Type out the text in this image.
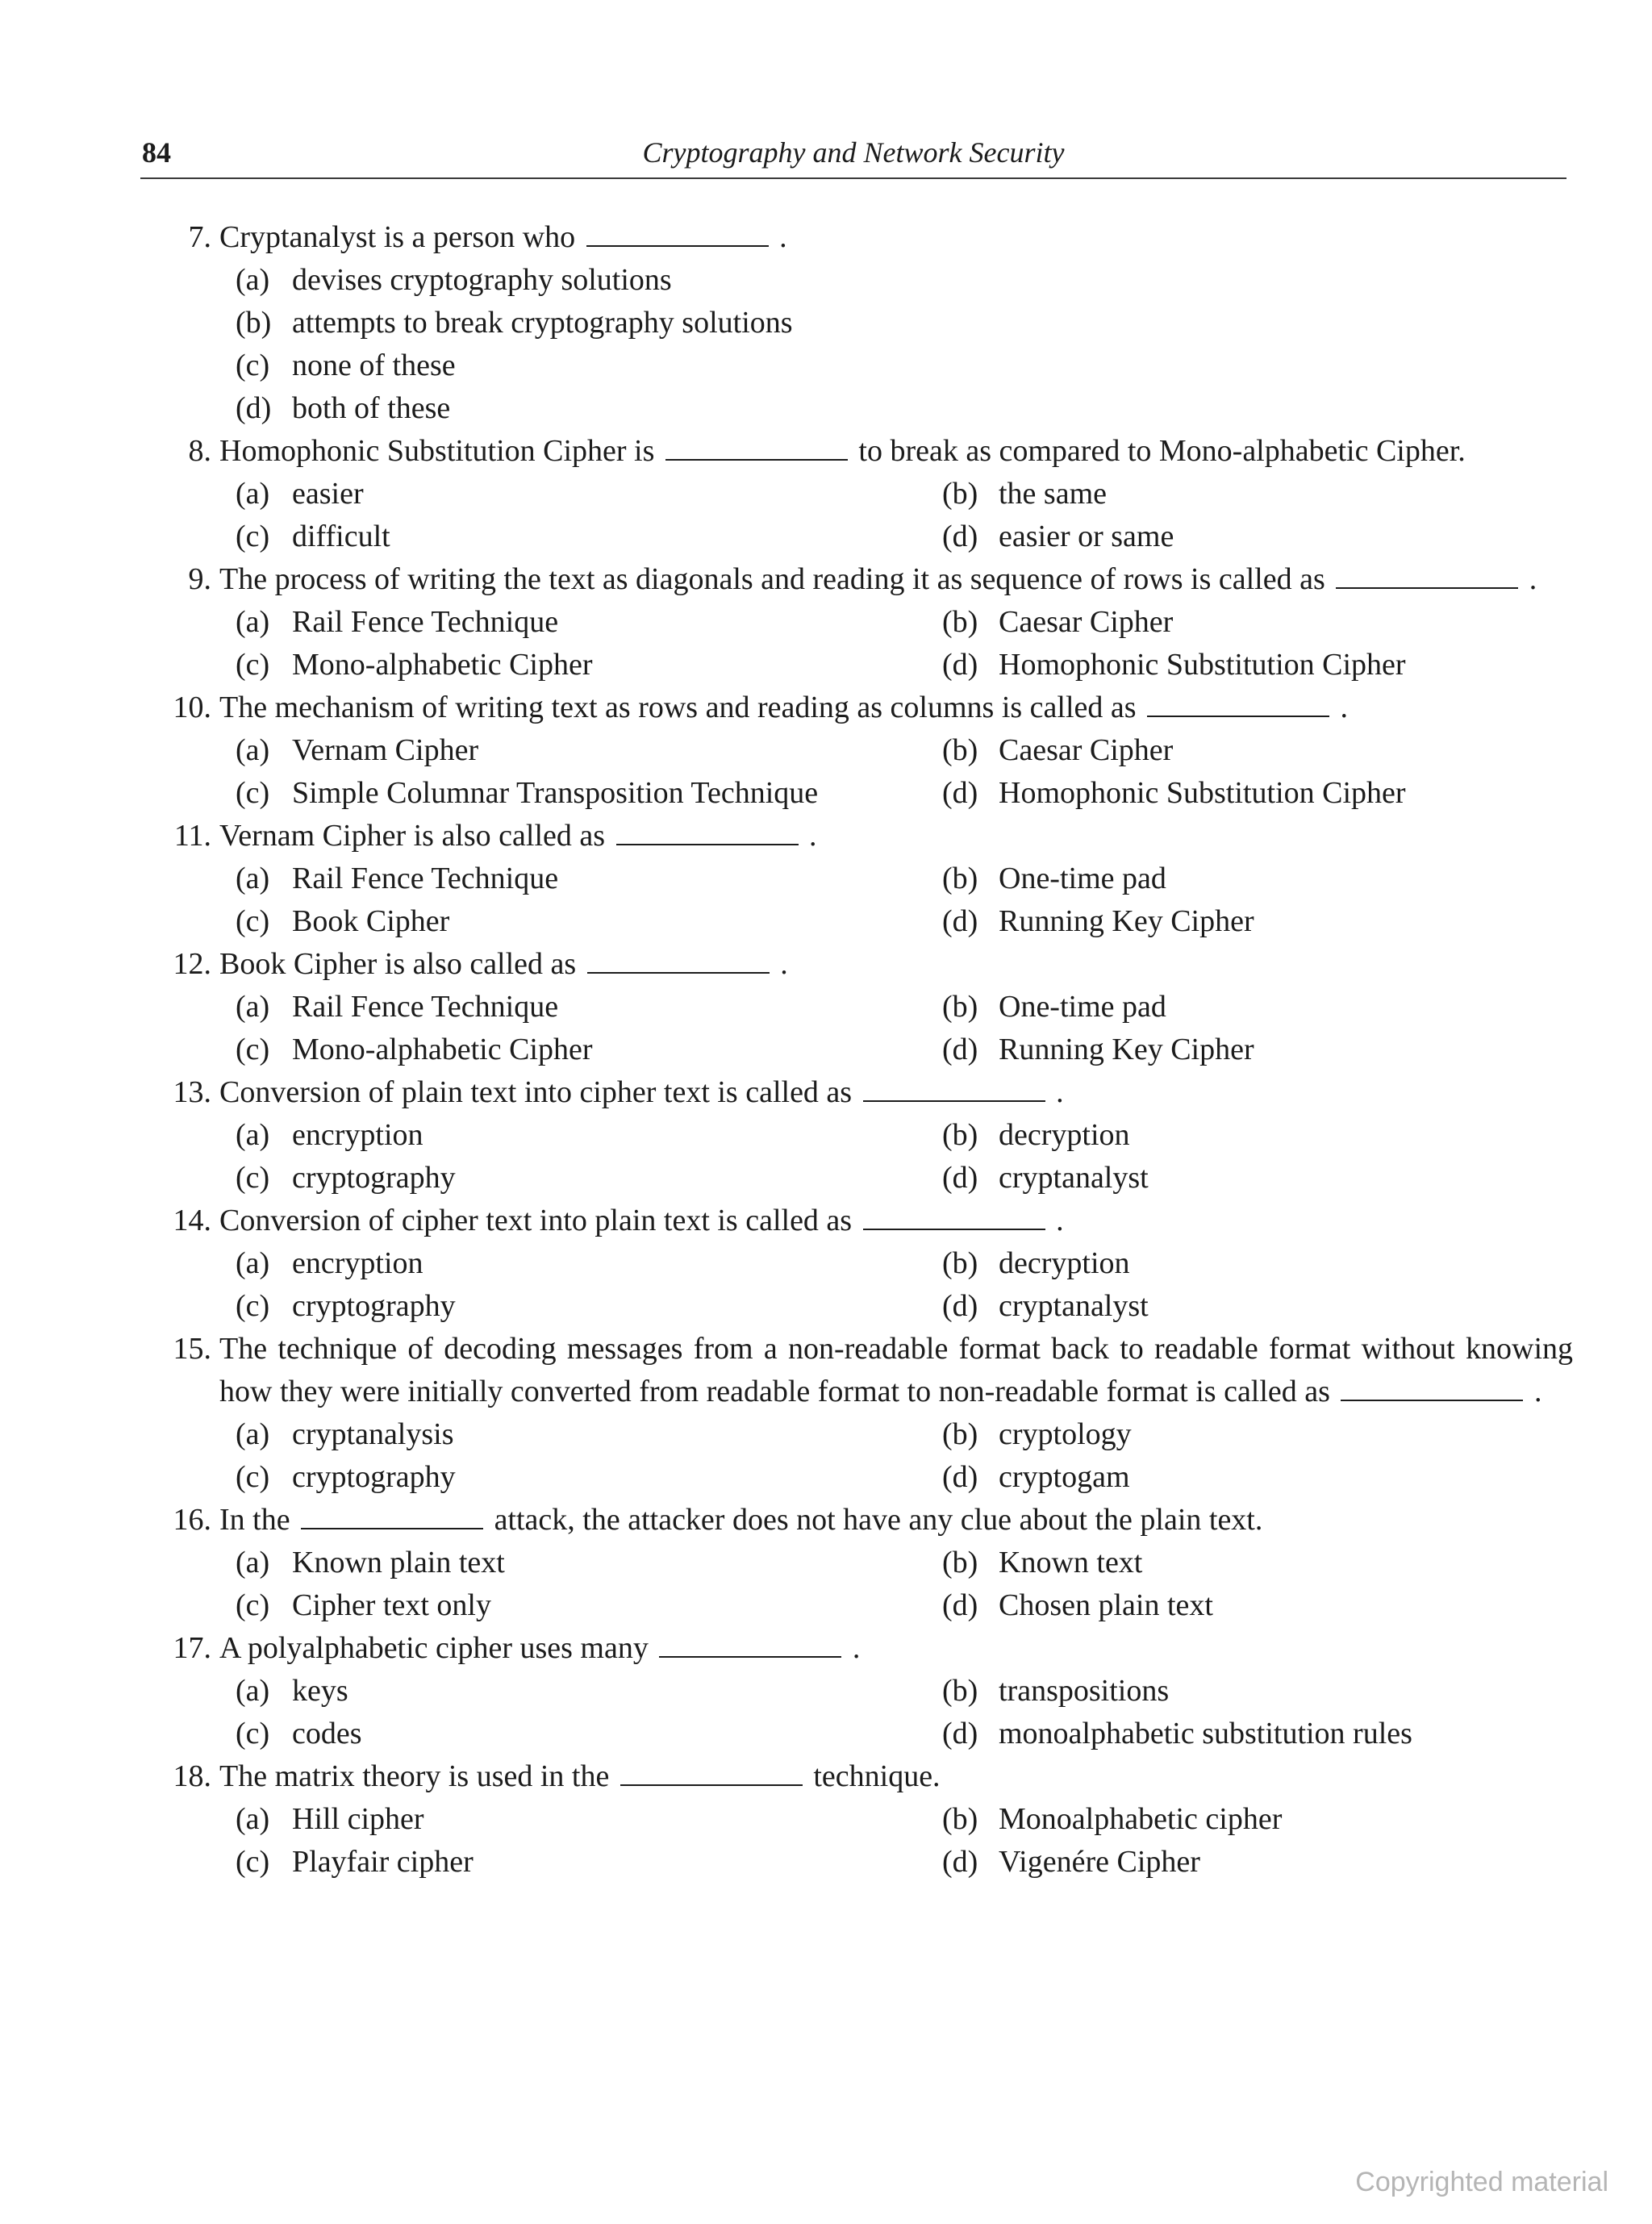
84	Cryptography and Network Security
7. Cryptanalyst is a person who	.
(a) devises cryptography solutions
(b) attempts to break cryptography solutions
(c) none of these
(d) both of these
8. Homophonic Substitution Cipher is	to break as compared to Mono-alphabetic Cipher.
(a) easier	(b) the same
(c) difficult	(d) easier or same
9. The process of writing the text as diagonals and reading it as sequence of rows is called as	.
(a) Rail Fence Technique	(b) Caesar Cipher
(c) Mono-alphabetic Cipher	(d) Homophonic Substitution Cipher
10. The mechanism of writing text as rows and reading as columns is called as	.
(a) Vernam Cipher	(b) Caesar Cipher
(c) Simple Columnar Transposition Technique	(d) Homophonic Substitution Cipher
11. Vernam Cipher is also called as	.
(a) Rail Fence Technique	(b) One-time pad
(c) Book Cipher	(d) Running Key Cipher
12. Book Cipher is also called as	.
(a) Rail Fence Technique	(b) One-time pad
(c) Mono-alphabetic Cipher	(d) Running Key Cipher
13. Conversion of plain text into cipher text is called as	.
(a) encryption	(b) decryption
(c) cryptography	(d) cryptanalyst
14. Conversion of cipher text into plain text is called as	.
(a) encryption	(b) decryption
(c) cryptography	(d) cryptanalyst
15. The technique of decoding messages from a non-readable format back to readable format without knowing how they were initially converted from readable format to non-readable format is called as	.
(a) cryptanalysis	(b) cryptology
(c) cryptography	(d) cryptogam
16. In the	attack, the attacker does not have any clue about the plain text.
(a) Known plain text	(b) Known text
(c) Cipher text only	(d) Chosen plain text
17. A polyalphabetic cipher uses many	.
(a) keys	(b) transpositions
(c) codes	(d) monoalphabetic substitution rules
18. The matrix theory is used in the	technique.
(a) Hill cipher	(b) Monoalphabetic cipher
(c) Playfair cipher	(d) Vigenére Cipher
Copyrighted material
